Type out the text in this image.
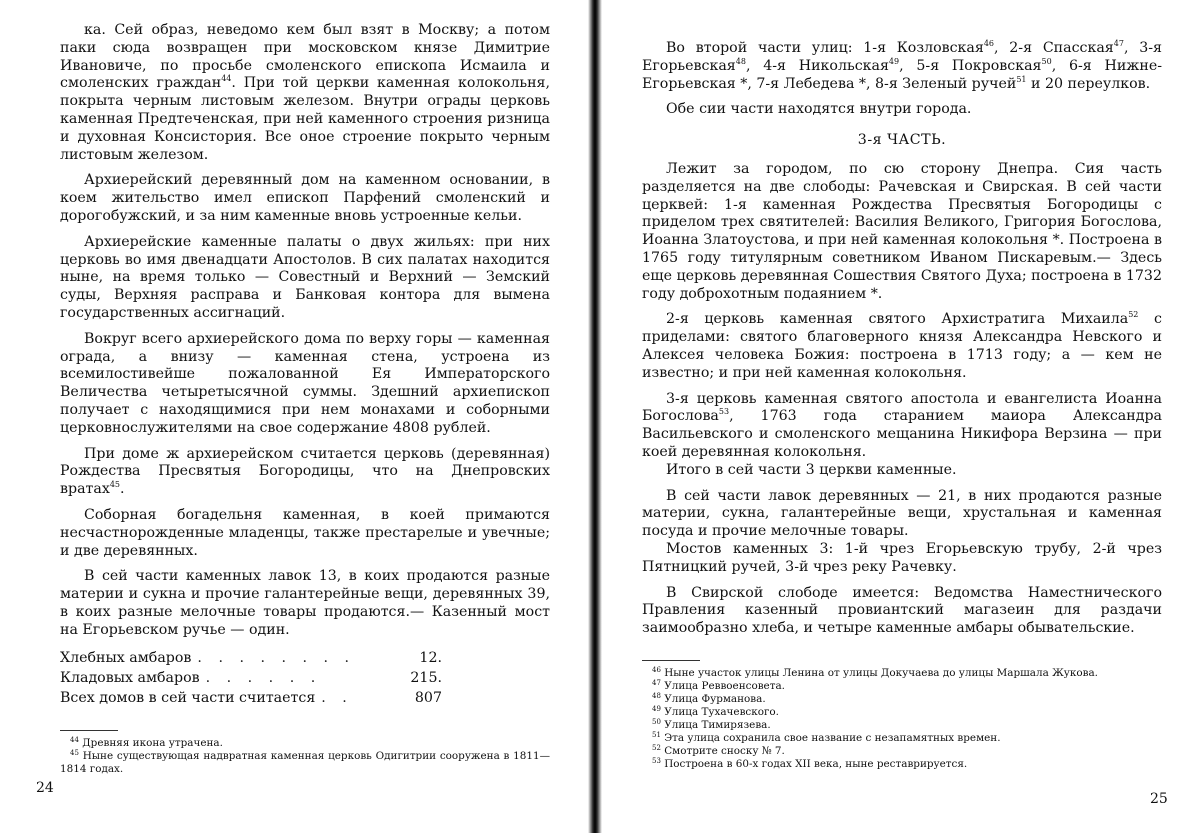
ка. Сей образ, неведомо кем был взят в Москву; а потом паки сюда возвращен при московском князе Димитрие Ивановиче, по просьбе смоленского епископа Исмаила и смоленских граждан$^{44}$. При той церкви каменная колокольня, покрыта черным листовым железом. Внутри ограды церковь каменная Предтеченская, при ней каменного строения ризница и духовная Консистория. Все оное строение покрыто черным листовым железом.

Архиерейский деревянный дом на каменном основании, в коем жительство имел епископ Парфений смоленский и дорогобужский, и за ним каменные вновь устроенные кельи.

Архиерейские каменные палаты о двух жильях: при них церковь во имя двенадцати Апостолов. В сих палатах находится ныне, на время только — Совестный и Верхний — Земский суды, Верхняя расправа и Банковая контора для вымена государственных ассигнаций.

Вокруг всего архиерейского дома по верху горы — каменная ограда, а внизу — каменная стена, устроена из всемилостивейше пожалованной Ея Императорского Величества четыретысячной суммы. Здешний архиепископ получает с находящимися при нем монахами и соборными церковнослужителями на свое содержание 4808 рублей.

При доме ж архиерейском считается церковь (деревянная) Рождества Пресвятыя Богородицы, что на Днепровских вратах$^{45}$.

Соборная богадельня каменная, в коей примаются несчастнорожденные младенцы, также престарелые и увечные; и две деревянных.

В сей части каменных лавок 13, в коих продаются разные материи и сукна и прочие галантерейные вещи, деревянных 39, в коих разные мелочные товары продаются.— Казенный мост на Егорьевском ручье — один.

Хлебных амбаров . . . . . . . .	12.
Кладовых амбаров . . . . . .	215.
Всех домов в сей части считается . .	807

$^{44}$ Древняя икона утрачена.

$^{45}$ Ныне существующая надвратная каменная церковь Одигитрии сооружена в 1811—1814 годах.

24

Во второй части улиц: 1-я Козловская$^{46}$, 2-я Спасская$^{47}$, 3-я Егорьевская$^{48}$, 4-я Никольская$^{49}$, 5-я Покровская$^{50}$, 6-я Нижне-Егорьевская *, 7-я Лебедева *, 8-я Зеленый ручей$^{51}$ и 20 переулков.

Обе сии части находятся внутри города.

3-я ЧАСТЬ.

Лежит за городом, по сю сторону Днепра. Сия часть разделяется на две слободы: Рачевская и Свирская. В сей части церквей: 1-я каменная Рождества Пресвятыя Богородицы с приделом трех святителей: Василия Великого, Григория Богослова, Иоанна Златоустова, и при ней каменная колокольня *. Построена в 1765 году титулярным советником Иваном Пискаревым.— Здесь еще церковь деревянная Сошествия Святого Духа; построена в 1732 году доброхотным подаянием *.

2-я церковь каменная святого Архистратига Михаила$^{52}$ с приделами: святого благоверного князя Александра Невского и Алексея человека Божия: построена в 1713 году; а — кем не известно; и при ней каменная колокольня.

3-я церковь каменная святого апостола и евангелиста Иоанна Богослова$^{53}$, 1763 года старанием маиора Александра Васильевского и смоленского мещанина Никифора Верзина — при коей деревянная колокольня.

Итого в сей части 3 церкви каменные.

В сей части лавок деревянных — 21, в них продаются разные материи, сукна, галантерейные вещи, хрустальная и каменная посуда и прочие мелочные товары.

Мостов каменных 3: 1-й чрез Егорьевскую трубу, 2-й чрез Пятницкий ручей, 3-й чрез реку Рачевку.

В Свирской слободе имеется: Ведомства Наместнического Правления казенный провиантский магазеин для раздачи заимообразно хлеба, и четыре каменные амбары обывательские.

$^{46}$ Ныне участок улицы Ленина от улицы Докучаева до улицы Маршала Жукова.

$^{47}$ Улица Реввоенсовета.

$^{48}$ Улица Фурманова.

$^{49}$ Улица Тухачевского.

$^{50}$ Улица Тимирязева.

$^{51}$ Эта улица сохранила свое название с незапамятных времен.

$^{52}$ Смотрите сноску № 7.

$^{53}$ Построена в 60-х годах XII века, ныне реставрируется.

25
